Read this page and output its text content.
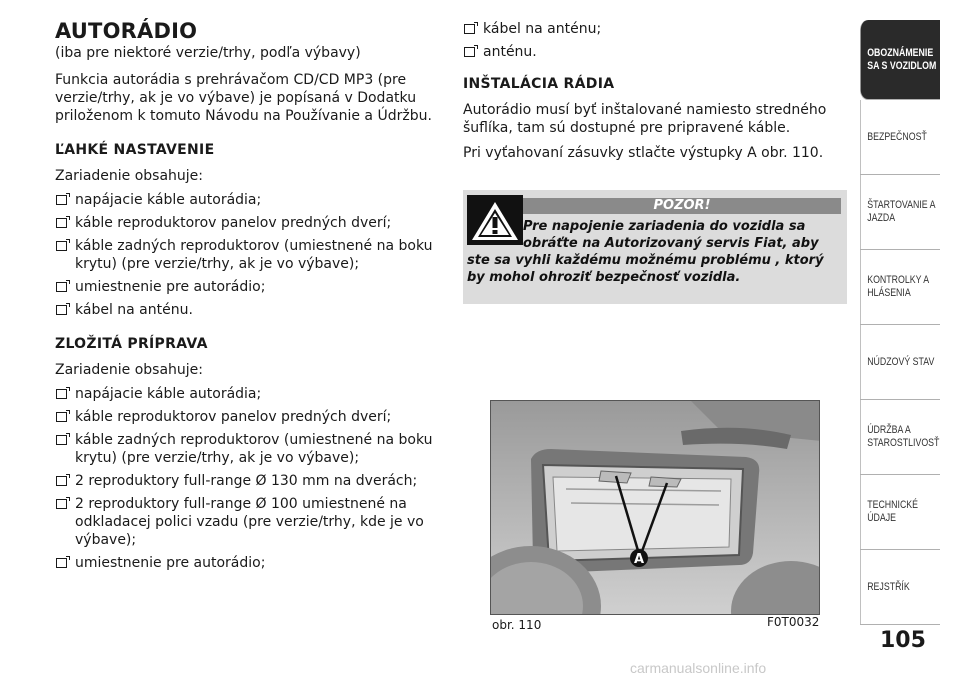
AUTORÁDIO

(iba pre niektoré verzie/trhy, podľa výbavy)

Funkcia autorádia s prehrávačom CD/CD MP3 (pre verzie/trhy, ak je vo výbave) je popísaná v Dodatku priloženom k tomuto Návodu na Používanie a Údržbu.

ĽAHKÉ NASTAVENIE

Zariadenie obsahuje:

napájacie káble autorádia;
káble reproduktorov panelov predných dverí;
káble zadných reproduktorov (umiestnené na boku krytu) (pre verzie/trhy, ak je vo výbave);
umiestnenie pre autorádio;
kábel na anténu.
ZLOŽITÁ PRÍPRAVA

Zariadenie obsahuje:

napájacie káble autorádia;
káble reproduktorov panelov predných dverí;
káble zadných reproduktorov (umiestnené na boku krytu) (pre verzie/trhy, ak je vo výbave);
2 reproduktory full-range Ø 130 mm na dverách;
2 reproduktory full-range Ø 100 umiestnené na odkladacej polici vzadu (pre verzie/trhy, kde je vo výbave);
umiestnenie pre autorádio;
kábel na anténu;
anténu.
INŠTALÁCIA RÁDIA

Autorádio musí byť inštalované namiesto stredného šuflíka, tam sú dostupné pre pripravené káble.

Pri vyťahovaní zásuvky stlačte výstupky A obr. 110.

POZOR!
Pre napojenie zariadenia do vozidla sa obráťte na Autorizovaný servis Fiat, aby
ste sa vyhli každému možnému problému , ktorý by mohol ohroziť bezpečnosť vozidla.
A
obr. 110	F0T0032
OBOZNÁMENIE SA S VOZIDLOM
BEZPEČNOSŤ
ŠTARTOVANIE A JAZDA
KONTROLKY A HLÁSENIA
NÚDZOVÝ STAV
ÚDRŽBA A STAROSTLIVOSŤ
TECHNICKÉ ÚDAJE
REJSTŘÍK
105
carmanualsonline.info
